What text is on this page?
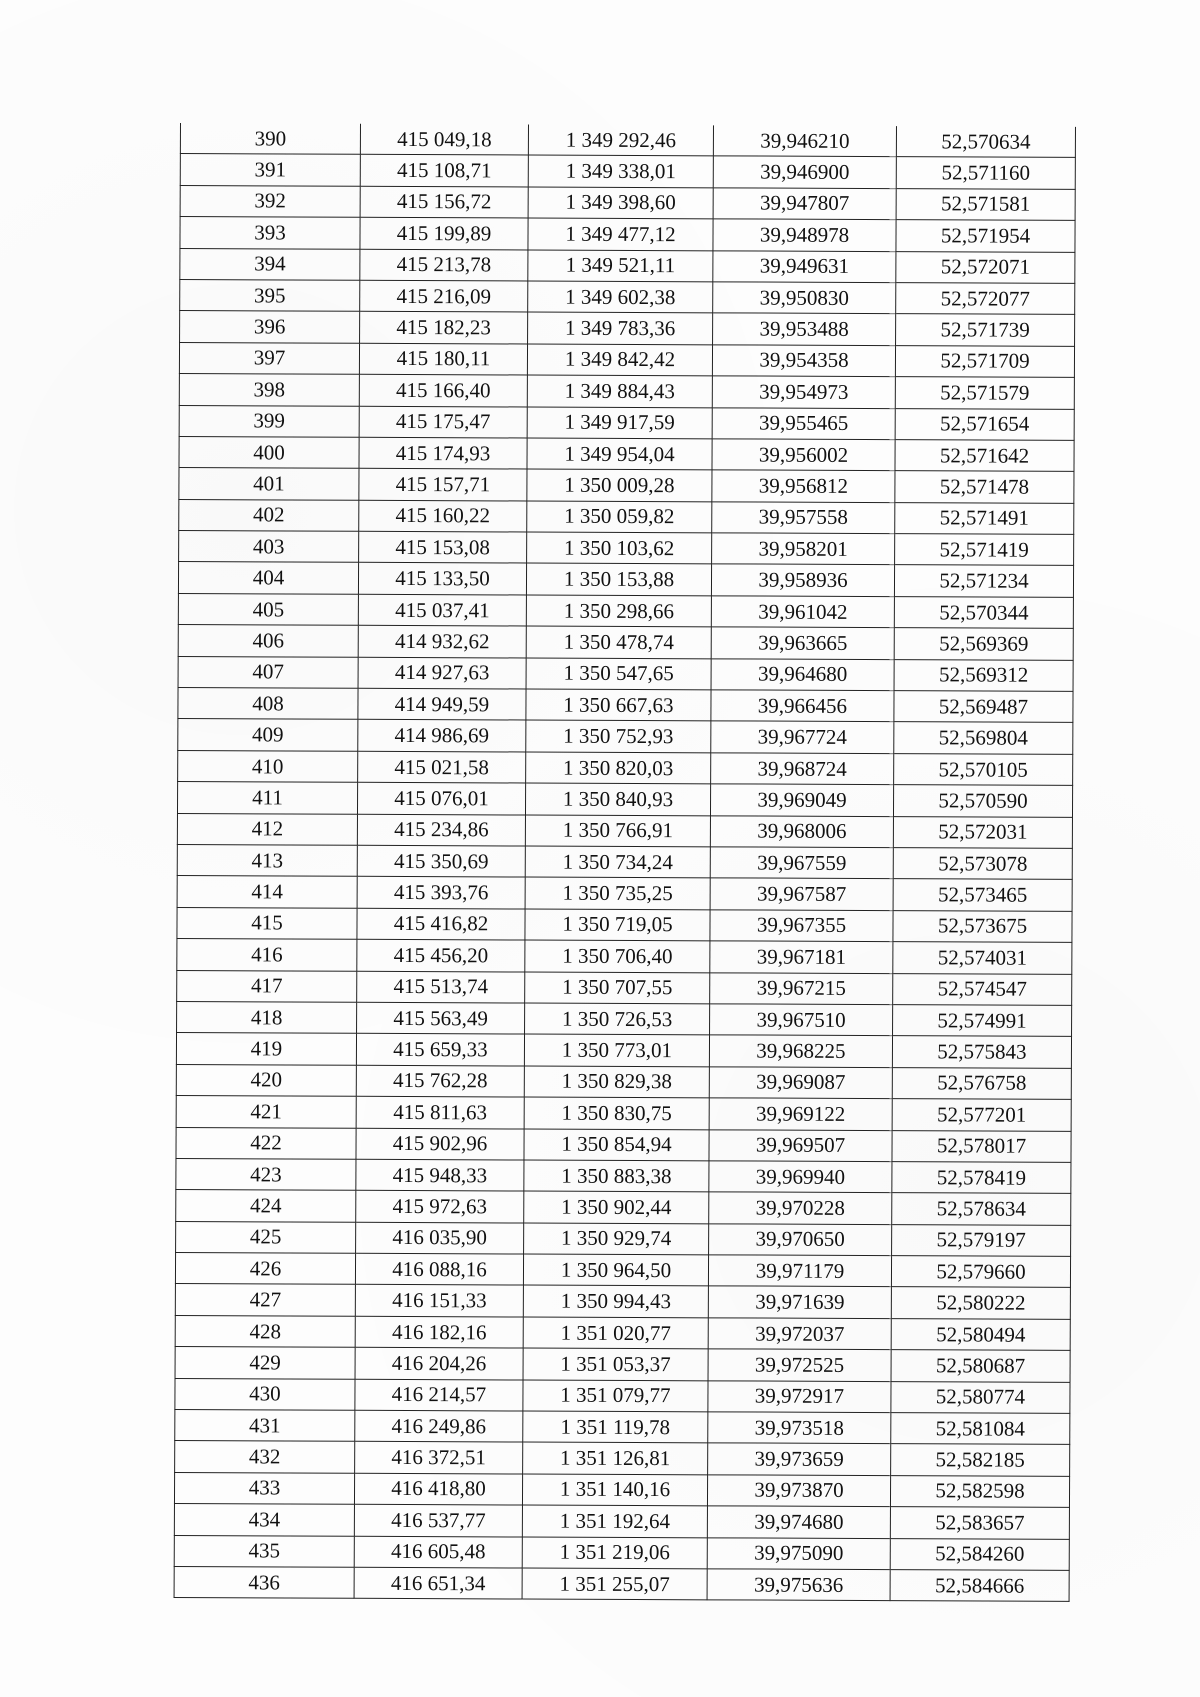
390	415 049,18	1 349 292,46	39,946210	52,570634
391	415 108,71	1 349 338,01	39,946900	52,571160
392	415 156,72	1 349 398,60	39,947807	52,571581
393	415 199,89	1 349 477,12	39,948978	52,571954
394	415 213,78	1 349 521,11	39,949631	52,572071
395	415 216,09	1 349 602,38	39,950830	52,572077
396	415 182,23	1 349 783,36	39,953488	52,571739
397	415 180,11	1 349 842,42	39,954358	52,571709
398	415 166,40	1 349 884,43	39,954973	52,571579
399	415 175,47	1 349 917,59	39,955465	52,571654
400	415 174,93	1 349 954,04	39,956002	52,571642
401	415 157,71	1 350 009,28	39,956812	52,571478
402	415 160,22	1 350 059,82	39,957558	52,571491
403	415 153,08	1 350 103,62	39,958201	52,571419
404	415 133,50	1 350 153,88	39,958936	52,571234
405	415 037,41	1 350 298,66	39,961042	52,570344
406	414 932,62	1 350 478,74	39,963665	52,569369
407	414 927,63	1 350 547,65	39,964680	52,569312
408	414 949,59	1 350 667,63	39,966456	52,569487
409	414 986,69	1 350 752,93	39,967724	52,569804
410	415 021,58	1 350 820,03	39,968724	52,570105
411	415 076,01	1 350 840,93	39,969049	52,570590
412	415 234,86	1 350 766,91	39,968006	52,572031
413	415 350,69	1 350 734,24	39,967559	52,573078
414	415 393,76	1 350 735,25	39,967587	52,573465
415	415 416,82	1 350 719,05	39,967355	52,573675
416	415 456,20	1 350 706,40	39,967181	52,574031
417	415 513,74	1 350 707,55	39,967215	52,574547
418	415 563,49	1 350 726,53	39,967510	52,574991
419	415 659,33	1 350 773,01	39,968225	52,575843
420	415 762,28	1 350 829,38	39,969087	52,576758
421	415 811,63	1 350 830,75	39,969122	52,577201
422	415 902,96	1 350 854,94	39,969507	52,578017
423	415 948,33	1 350 883,38	39,969940	52,578419
424	415 972,63	1 350 902,44	39,970228	52,578634
425	416 035,90	1 350 929,74	39,970650	52,579197
426	416 088,16	1 350 964,50	39,971179	52,579660
427	416 151,33	1 350 994,43	39,971639	52,580222
428	416 182,16	1 351 020,77	39,972037	52,580494
429	416 204,26	1 351 053,37	39,972525	52,580687
430	416 214,57	1 351 079,77	39,972917	52,580774
431	416 249,86	1 351 119,78	39,973518	52,581084
432	416 372,51	1 351 126,81	39,973659	52,582185
433	416 418,80	1 351 140,16	39,973870	52,582598
434	416 537,77	1 351 192,64	39,974680	52,583657
435	416 605,48	1 351 219,06	39,975090	52,584260
436	416 651,34	1 351 255,07	39,975636	52,584666
